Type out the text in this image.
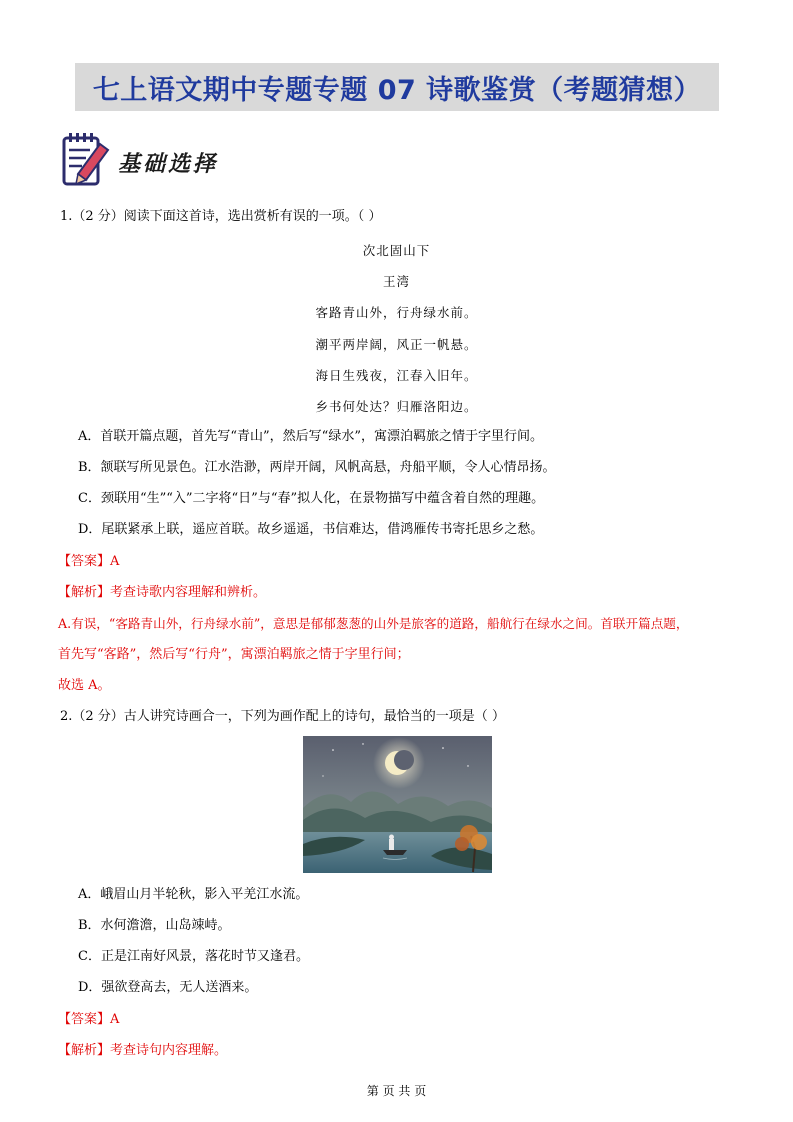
七上语文期中专题专题 07 诗歌鉴赏（考题猜想）
基础选择
1.（2 分）阅读下面这首诗，选出赏析有误的一项。（ ）
次北固山下
王湾
客路青山外，行舟绿水前。
潮平两岸阔，风正一帆悬。
海日生残夜，江春入旧年。
乡书何处达？归雁洛阳边。
A．首联开篇点题，首先写“青山”，然后写“绿水”，寓漂泊羁旅之情于字里行间。
B．颔联写所见景色。江水浩渺，两岸开阔，风帆高悬，舟船平顺，令人心情昂扬。
C．颈联用“生”“入”二字将“日”与“春”拟人化，在景物描写中蕴含着自然的理趣。
D．尾联紧承上联，遥应首联。故乡遥遥，书信难达，借鸿雁传书寄托思乡之愁。
【答案】A
【解析】考查诗歌内容理解和辨析。
A.有误，“客路青山外，行舟绿水前”，意思是郁郁葱葱的山外是旅客的道路，船航行在绿水之间。首联开篇点题，
首先写“客路”，然后写“行舟”，寓漂泊羁旅之情于字里行间；
故选 A。
2.（2 分）古人讲究诗画合一，下列为画作配上的诗句，最恰当的一项是（ ）
A．峨眉山月半轮秋，影入平羌江水流。
B．水何澹澹，山岛竦峙。
C．正是江南好风景，落花时节又逢君。
D．强欲登高去，无人送酒来。
【答案】A
【解析】考查诗句内容理解。
第 页 共 页
